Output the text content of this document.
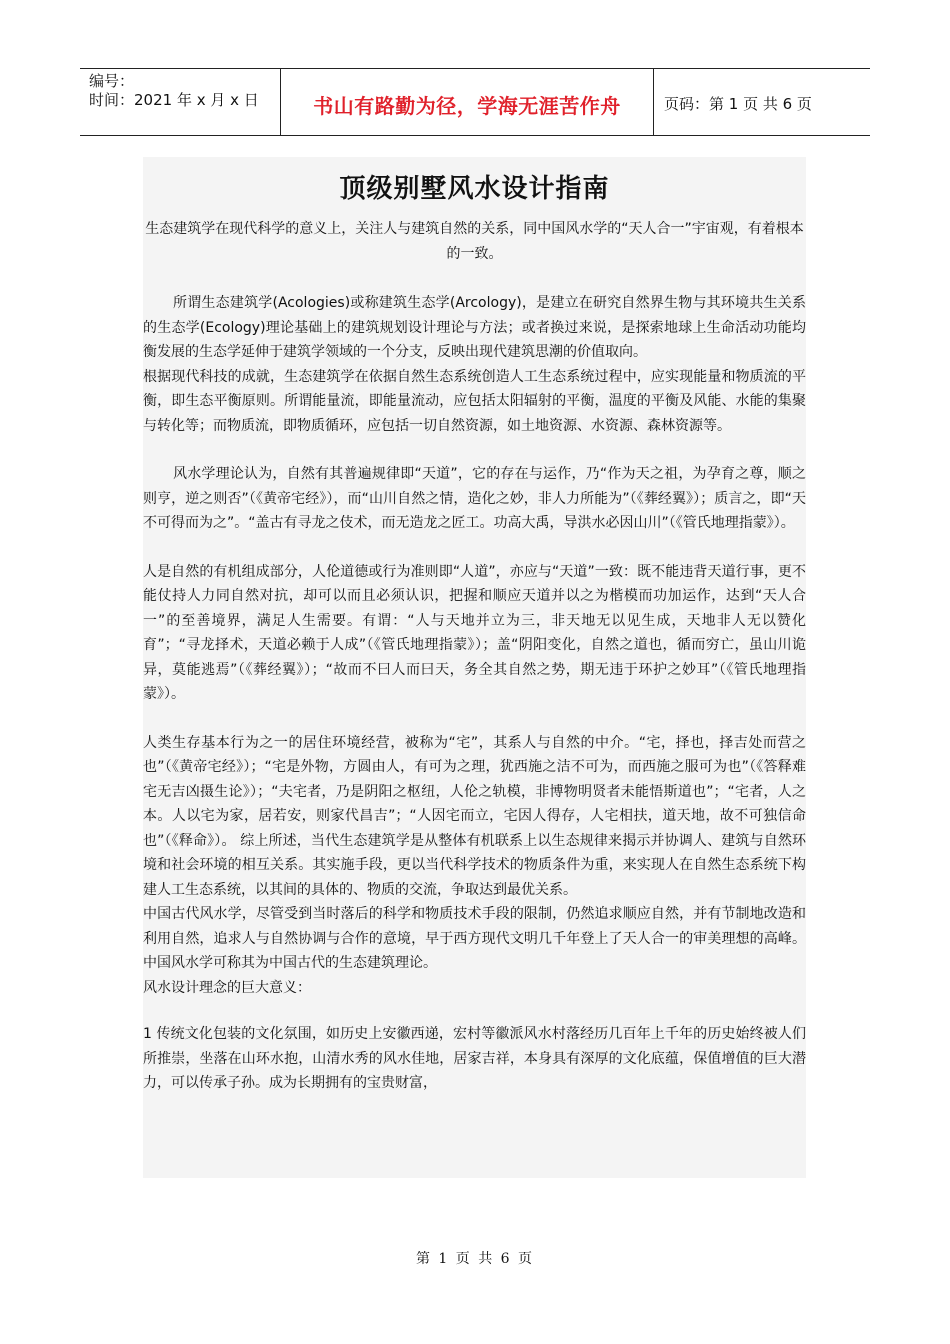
编号：
时间：2021 年 x 月 x 日	书山有路勤为径，学海无涯苦作舟	页码：第 1 页 共 6 页
顶级别墅风水设计指南

生态建筑学在现代科学的意义上，关注人与建筑自然的关系，同中国风水学的“天人合一”宇宙观，有着根本的一致。

所谓生态建筑学(Acologies)或称建筑生态学(Arcology)，是建立在研究自然界生物与其环境共生关系的生态学(Ecology)理论基础上的建筑规划设计理论与方法；或者换过来说，是探索地球上生命活动功能均衡发展的生态学延伸于建筑学领域的一个分支，反映出现代建筑思潮的价值取向。

根据现代科技的成就，生态建筑学在依据自然生态系统创造人工生态系统过程中，应实现能量和物质流的平衡，即生态平衡原则。所谓能量流，即能量流动，应包括太阳辐射的平衡，温度的平衡及风能、水能的集聚与转化等；而物质流，即物质循环，应包括一切自然资源，如土地资源、水资源、森林资源等。

风水学理论认为，自然有其普遍规律即“天道”，它的存在与运作，乃“作为天之祖，为孕育之尊，顺之则亨，逆之则否”（《黄帝宅经》），而“山川自然之情，造化之妙，非人力所能为”（《葬经翼》）；质言之，即“天不可得而为之”。“盖古有寻龙之伎术，而无造龙之匠工。功高大禹，导洪水必因山川”（《管氏地理指蒙》）。

人是自然的有机组成部分，人伦道德或行为准则即“人道”，亦应与“天道”一致：既不能违背天道行事，更不能仗持人力同自然对抗，却可以而且必须认识，把握和顺应天道并以之为楷模而功加运作，达到“天人合一”的至善境界，满足人生需要。有谓：“人与天地并立为三，非天地无以见生成，天地非人无以赞化育”；“寻龙择术，天道必赖于人成”（《管氏地理指蒙》）；盖“阴阳变化，自然之道也，循而穷亡，虽山川诡异，莫能逃焉”（《葬经翼》）；“故而不曰人而曰天，务全其自然之势，期无违于环护之妙耳”（《管氏地理指蒙》）。

人类生存基本行为之一的居住环境经营，被称为“宅”，其系人与自然的中介。“宅，择也，择吉处而营之也”（《黄帝宅经》）；“宅是外物，方圆由人，有可为之理，犹西施之洁不可为，而西施之服可为也”（《答释难宅无吉凶摄生论》）；“夫宅者，乃是阴阳之枢纽，人伦之轨模，非博物明贤者未能悟斯道也”；“宅者，人之本。人以宅为家，居若安，则家代昌吉”；“人因宅而立，宅因人得存，人宅相扶，道天地，故不可独信命也”（《释命》）。 综上所述，当代生态建筑学是从整体有机联系上以生态规律来揭示并协调人、建筑与自然环境和社会环境的相互关系。其实施手段，更以当代科学技术的物质条件为重，来实现人在自然生态系统下构建人工生态系统，以其间的具体的、物质的交流，争取达到最优关系。

中国古代风水学，尽管受到当时落后的科学和物质技术手段的限制，仍然追求顺应自然，并有节制地改造和利用自然，追求人与自然协调与合作的意境，早于西方现代文明几千年登上了天人合一的审美理想的高峰。中国风水学可称其为中国古代的生态建筑理论。

风水设计理念的巨大意义：

1 传统文化包装的文化氛围，如历史上安徽西递，宏村等徽派风水村落经历几百年上千年的历史始终被人们所推崇，坐落在山环水抱，山清水秀的风水佳地，居家吉祥，本身具有深厚的文化底蕴，保值增值的巨大潜力，可以传承子孙。成为长期拥有的宝贵财富，

第 1 页 共 6 页
